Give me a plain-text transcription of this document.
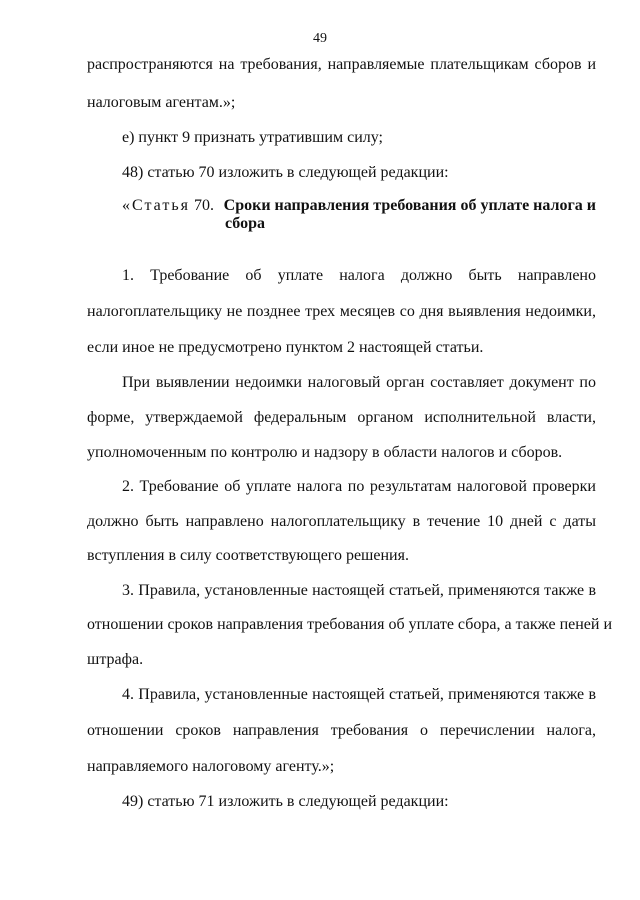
49
распространяются на требования, направляемые плательщикам сборов и
налоговым агентам.»;
е) пункт 9 признать утратившим силу;
48) статью 70 изложить в следующей редакции:
«Статья 70. Сроки направления требования об уплате налога и
сбора
1. Требование об уплате налога должно быть направлено
налогоплательщику не позднее трех месяцев со дня выявления недоимки,
если иное не предусмотрено пунктом 2 настоящей статьи.
При выявлении недоимки налоговый орган составляет документ по
форме, утверждаемой федеральным органом исполнительной власти,
уполномоченным по контролю и надзору в области налогов и сборов.
2. Требование об уплате налога по результатам налоговой проверки
должно быть направлено налогоплательщику в течение 10 дней с даты
вступления в силу соответствующего решения.
3. Правила, установленные настоящей статьей, применяются также в
отношении сроков направления требования об уплате сбора, а также пеней и
штрафа.
4. Правила, установленные настоящей статьей, применяются также в
отношении сроков направления требования о перечислении налога,
направляемого налоговому агенту.»;
49) статью 71 изложить в следующей редакции:
